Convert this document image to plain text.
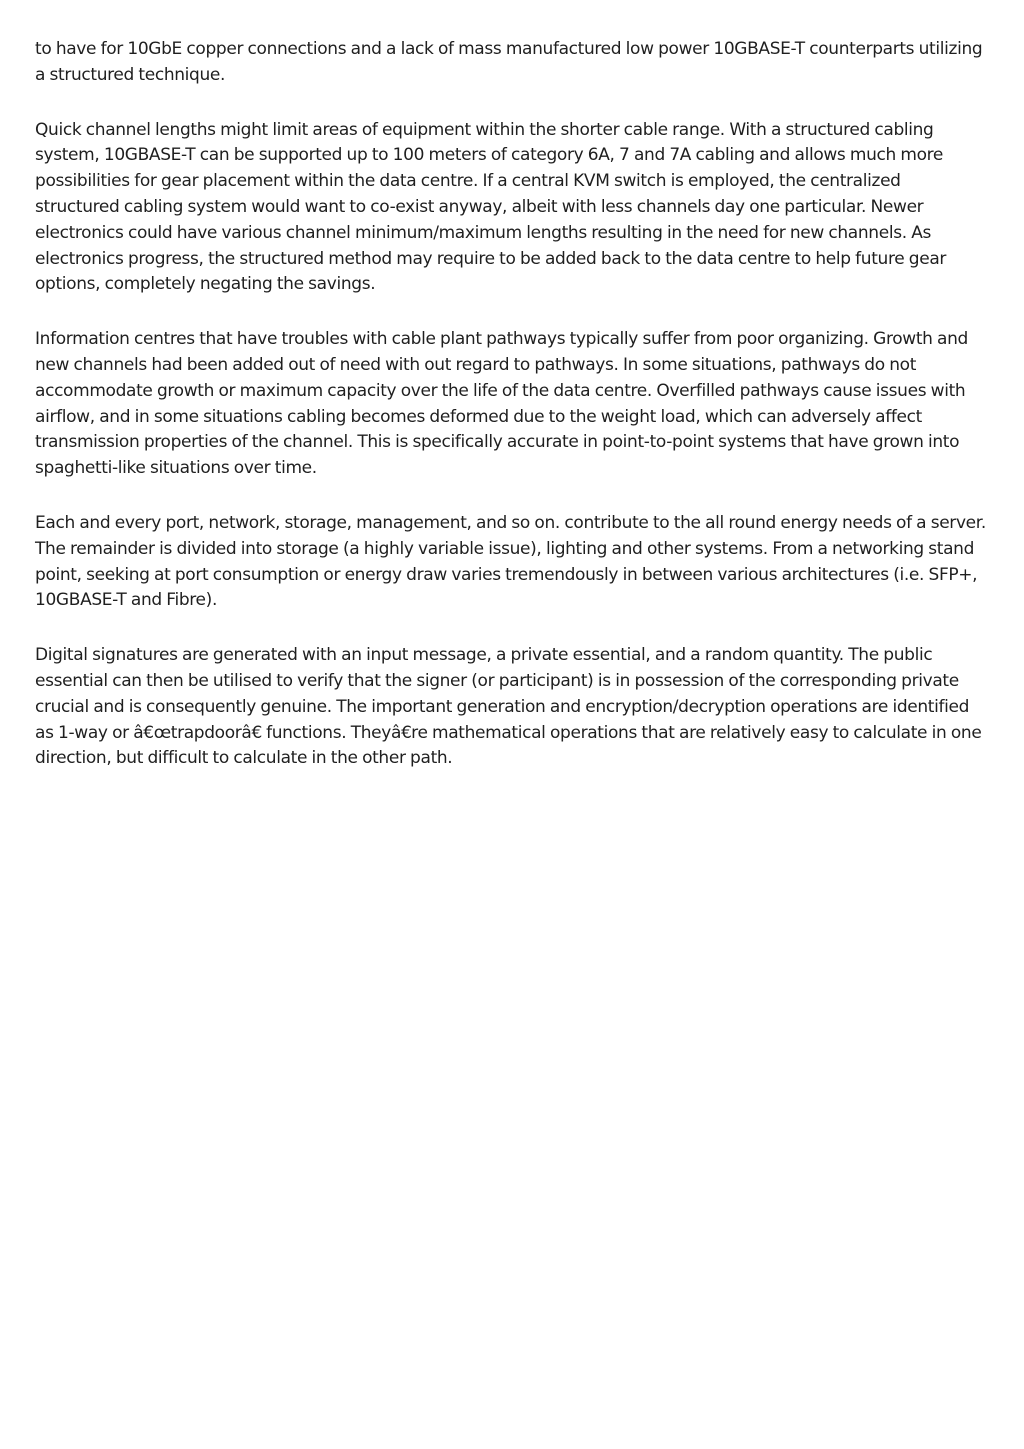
to have for 10GbE copper connections and a lack of mass manufactured low power 10GBASE-T counterparts utilizing a structured technique.

Quick channel lengths might limit areas of equipment within the shorter cable range. With a structured cabling system, 10GBASE-T can be supported up to 100 meters of category 6A, 7 and 7A cabling and allows much more possibilities for gear placement within the data centre. If a central KVM switch is employed, the centralized structured cabling system would want to co-exist anyway, albeit with less channels day one particular. Newer electronics could have various channel minimum/maximum lengths resulting in the need for new channels. As electronics progress, the structured method may require to be added back to the data centre to help future gear options, completely negating the savings.

Information centres that have troubles with cable plant pathways typically suffer from poor organizing. Growth and new channels had been added out of need with out regard to pathways. In some situations, pathways do not accommodate growth or maximum capacity over the life of the data centre. Overfilled pathways cause issues with airflow, and in some situations cabling becomes deformed due to the weight load, which can adversely affect transmission properties of the channel. This is specifically accurate in point-to-point systems that have grown into spaghetti-like situations over time.

Each and every port, network, storage, management, and so on. contribute to the all round energy needs of a server. The remainder is divided into storage (a highly variable issue), lighting and other systems. From a networking stand point, seeking at port consumption or energy draw varies tremendously in between various architectures (i.e. SFP+, 10GBASE-T and Fibre).

Digital signatures are generated with an input message, a private essential, and a random quantity. The public essential can then be utilised to verify that the signer (or participant) is in possession of the corresponding private crucial and is consequently genuine. The important generation and encryption/decryption operations are identified as 1-way or â€œtrapdoorâ€ functions. Theyâ€re mathematical operations that are relatively easy to calculate in one direction, but difficult to calculate in the other path.
